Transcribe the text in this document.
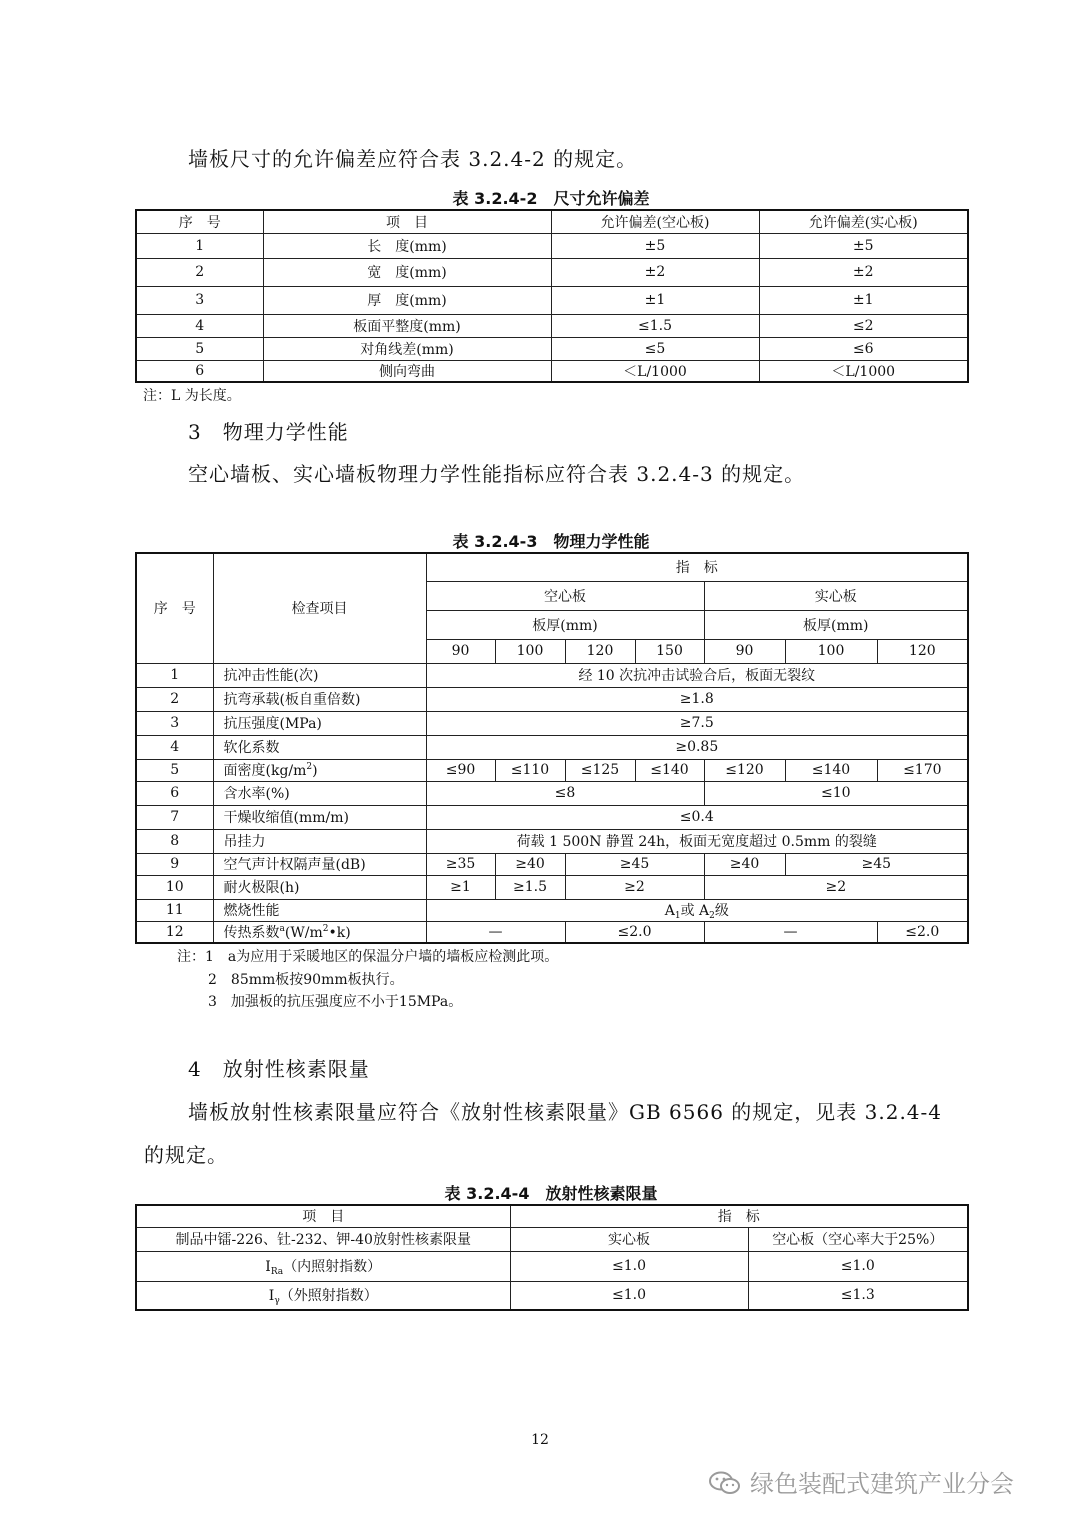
墙板尺寸的允许偏差应符合表 3.2.4-2 的规定。
表 3.2.4-2　尺寸允许偏差
序　号	项　目	允许偏差(空心板)	允许偏差(实心板)
1	长　度(mm)	±5	±5
2	宽　度(mm)	±2	±2
3	厚　度(mm)	±1	±1
4	板面平整度(mm)	≤1.5	≤2
5	对角线差(mm)	≤5	≤6
6	侧向弯曲	＜L/1000	＜L/1000
注：L 为长度。
3　物理力学性能
空心墙板、实心墙板物理力学性能指标应符合表 3.2.4-3 的规定。
表 3.2.4-3　物理力学性能
序　号	检查项目	指　标						
		空心板				实心板		
		板厚(mm)				板厚(mm)		
		90	100	120	150	90	100	120
1	抗冲击性能(次)	经 10 次抗冲击试验合后，板面无裂纹						
2	抗弯承载(板自重倍数)	≥1.8						
3	抗压强度(MPa)	≥7.5						
4	软化系数	≥0.85						
5	面密度$(kg/m^2)$	≤90	≤110	≤125	≤140	≤120	≤140	≤170
6	含水率(%)	≤8				≤10		
7	干燥收缩值(mm/m)	≤0.4						
8	吊挂力	荷载 1 500N 静置 24h，板面无宽度超过 0.5mm 的裂缝						
9	空气声计权隔声量(dB)	≥35	≥40	≥45		≥40	≥45	
10	耐火极限(h)	≥1	≥1.5	≥2		≥2		
11	燃烧性能	$A_1$或 $A_2$级						
12	传热系数$^a(W/m^2•k)$	—		≤2.0		—		≤2.0
注：1　a为应用于采暖地区的保温分户墙的墙板应检测此项。
2　85mm板按90mm板执行。
3　加强板的抗压强度应不小于15MPa。
4　放射性核素限量
墙板放射性核素限量应符合《放射性核素限量》GB 6566 的规定，见表 3.2.4-4
的规定。
表 3.2.4-4　放射性核素限量
项　目	指　标	
制品中镭-226、钍-232、钾-40放射性核素限量	实心板	空心板（空心率大于25%）
$I_{Ra}$（内照射指数）	≤1.0	≤1.0
$I_\gamma$（外照射指数）	≤1.0	≤1.3
12
绿色装配式建筑产业分会
